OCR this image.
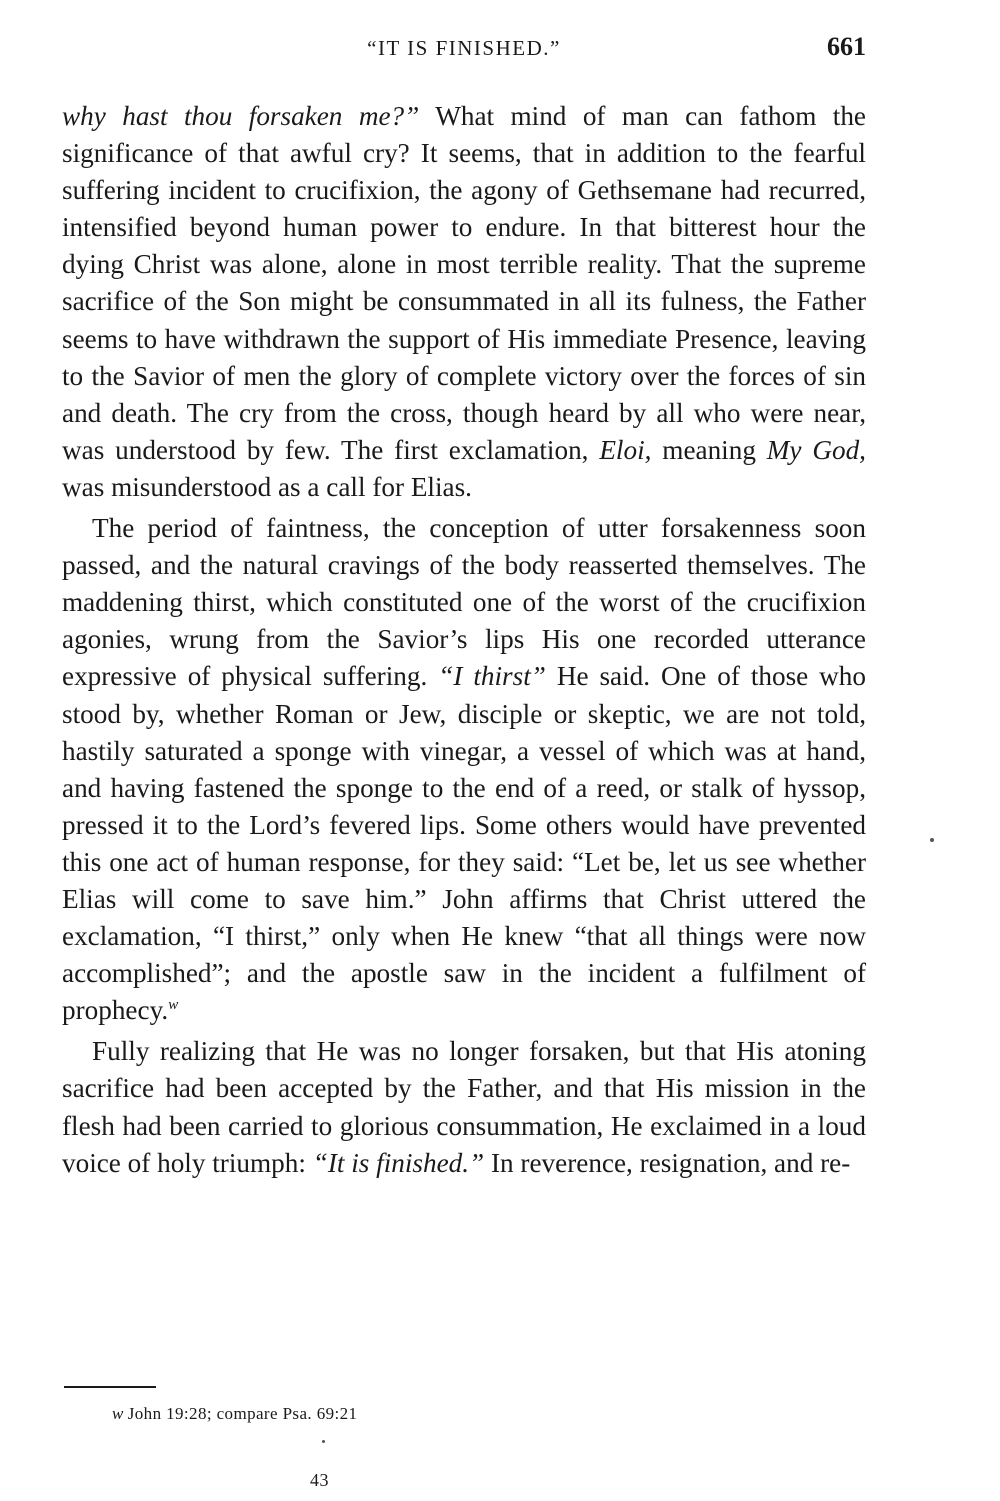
“IT IS FINISHED.”	661

why hast thou forsaken me?” What mind of man can fathom the significance of that awful cry? It seems, that in addition to the fearful suffering incident to crucifixion, the agony of Gethsemane had recurred, intensified beyond human power to endure. In that bitterest hour the dying Christ was alone, alone in most terrible reality. That the supreme sacrifice of the Son might be consummated in all its fulness, the Father seems to have withdrawn the support of His immediate Presence, leaving to the Savior of men the glory of complete victory over the forces of sin and death. The cry from the cross, though heard by all who were near, was understood by few. The first exclamation, Eloi, meaning My God, was misunderstood as a call for Elias.

The period of faintness, the conception of utter forsakenness soon passed, and the natural cravings of the body reasserted themselves. The maddening thirst, which constituted one of the worst of the crucifixion agonies, wrung from the Savior’s lips His one recorded utterance expressive of physical suffering. “I thirst” He said. One of those who stood by, whether Roman or Jew, disciple or skeptic, we are not told, hastily saturated a sponge with vinegar, a vessel of which was at hand, and having fastened the sponge to the end of a reed, or stalk of hyssop, pressed it to the Lord’s fevered lips. Some others would have prevented this one act of human response, for they said: “Let be, let us see whether Elias will come to save him.” John affirms that Christ uttered the exclamation, “I thirst,” only when He knew “that all things were now accomplished”; and the apostle saw in the incident a fulfilment of prophecy.$^w$

Fully realizing that He was no longer forsaken, but that His atoning sacrifice had been accepted by the Father, and that His mission in the flesh had been carried to glorious consummation, He exclaimed in a loud voice of holy triumph: “It is finished.” In reverence, resignation, and re-

w John 19:28; compare Psa. 69:21
43
